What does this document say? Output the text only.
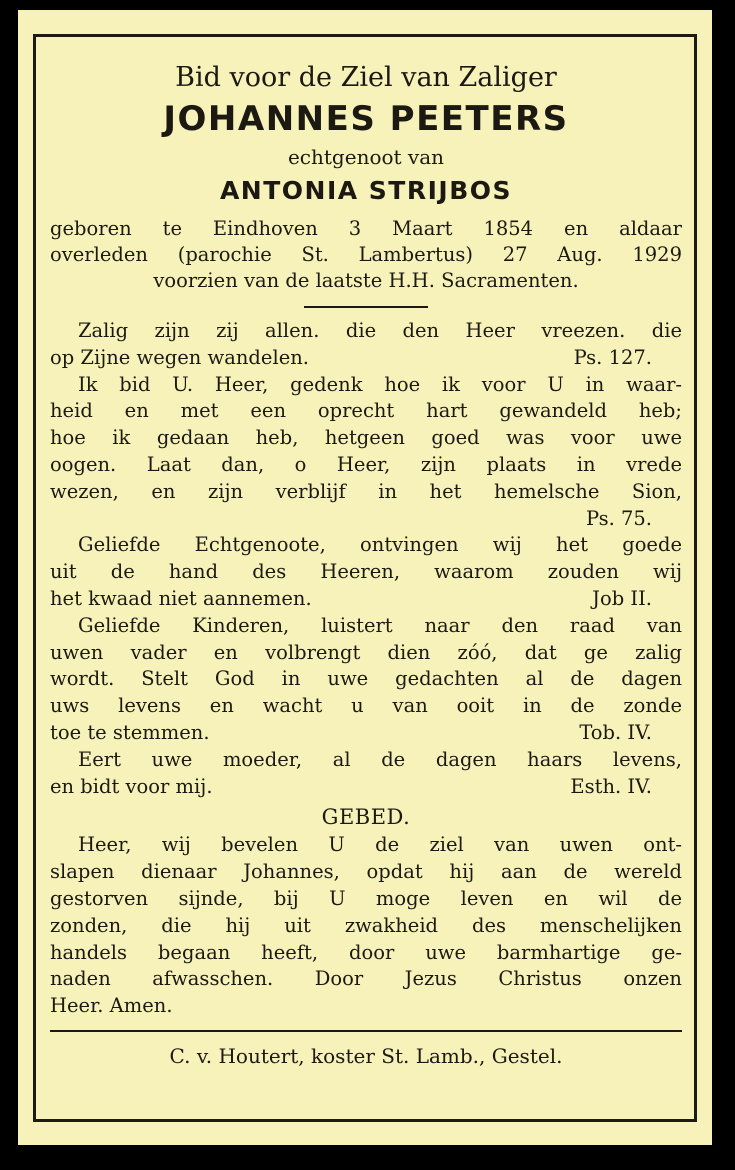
Bid voor de Ziel van Zaliger
JOHANNES PEETERS
echtgenoot van
ANTONIA STRIJBOS
geboren te Eindhoven 3 Maart 1854 en aldaar
overleden (parochie St. Lambertus) 27 Aug. 1929
voorzien van de laatste H.H. Sacramenten.
Zalig zijn zij allen. die den Heer vreezen. die
op Zijne wegen wandelen.	Ps. 127.
Ik bid U. Heer, gedenk hoe ik voor U in waar-
heid en met een oprecht hart gewandeld heb;
hoe ik gedaan heb, hetgeen goed was voor uwe
oogen. Laat dan, o Heer, zijn plaats in vrede
wezen, en zijn verblijf in het hemelsche Sion,
Ps. 75.
Geliefde Echtgenoote, ontvingen wij het goede
uit de hand des Heeren, waarom zouden wij
het kwaad niet aannemen.	Job II.
Geliefde Kinderen, luistert naar den raad van
uwen vader en volbrengt dien zóó, dat ge zalig
wordt. Stelt God in uwe gedachten al de dagen
uws levens en wacht u van ooit in de zonde
toe te stemmen.	Tob. IV.
Eert uwe moeder, al de dagen haars levens,
en bidt voor mij.	Esth. IV.
GEBED.
Heer, wij bevelen U de ziel van uwen ont-
slapen dienaar Johannes, opdat hij aan de wereld
gestorven sijnde, bij U moge leven en wil de
zonden, die hij uit zwakheid des menschelijken
handels begaan heeft, door uwe barmhartige ge-
naden afwasschen. Door Jezus Christus onzen
Heer. Amen.
C. v. Houtert, koster St. Lamb., Gestel.
